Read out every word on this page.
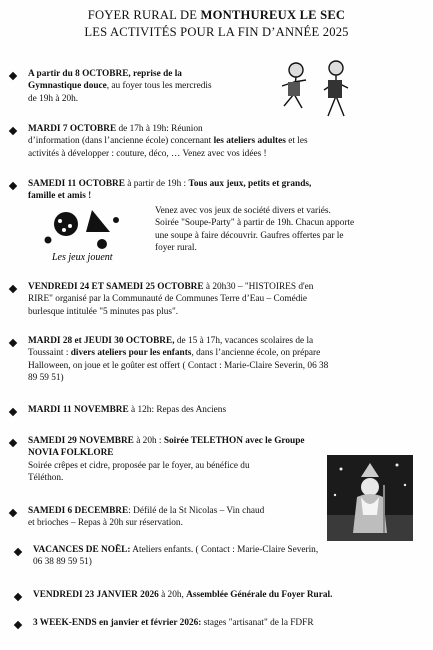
FOYER RURAL DE MONTHUREUX LE SEC
LES ACTIVITÉS POUR LA FIN D’ANNÉE 2025
A partir du 8 OCTOBRE, reprise de la
Gymnastique douce, au foyer tous les mercredis
de 19h à 20h.
MARDI 7 OCTOBRE de 17h à 19h: Réunion
d’information (dans l’ancienne école) concernant les ateliers adultes et les
activités à développer : couture, déco, … Venez avec vos idées !
SAMEDI 11 OCTOBRE à partir de 19h : Tous aux jeux, petits et grands,
famille et amis !
Venez avec vos jeux de société divers et variés.
Soirée "Soupe-Party" à partir de 19h. Chacun apporte
une soupe à faire découvrir. Gaufres offertes par le
foyer rural.
Les jeux jouent
VENDREDI 24 ET SAMEDI 25 OCTOBRE à 20h30 – "HISTOIRES d'en
RIRE" organisé par la Communauté de Communes Terre d’Eau – Comédie
burlesque intitulée "5 minutes pas plus".
MARDI 28 et JEUDI 30 OCTOBRE, de 15 à 17h, vacances scolaires de la
Toussaint : divers ateliers pour les enfants, dans l’ancienne école, on prépare
Halloween, on joue et le goûter est offert ( Contact : Marie-Claire Severin, 06 38
89 59 51)
MARDI 11 NOVEMBRE à 12h: Repas des Anciens
SAMEDI 29 NOVEMBRE à 20h : Soirée TELETHON avec le Groupe
NOVIA FOLKLORE
Soirée crêpes et cidre, proposée par le foyer, au bénéfice du
Téléthon.
SAMEDI 6 DECEMBRE: Défilé de la St Nicolas – Vin chaud
et brioches – Repas à 20h sur réservation.
VACANCES DE NOËL: Ateliers enfants. ( Contact : Marie-Claire Severin,
06 38 89 59 51)
VENDREDI 23 JANVIER 2026 à 20h, Assemblée Générale du Foyer Rural.
3 WEEK-ENDS en janvier et février 2026: stages "artisanat" de la FDFR
